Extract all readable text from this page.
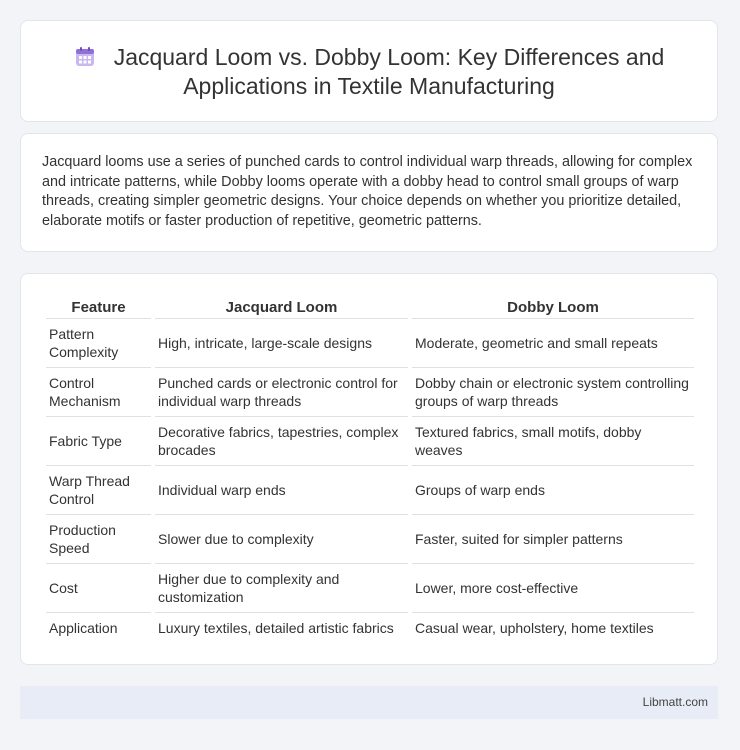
Jacquard Loom vs. Dobby Loom: Key Differences and Applications in Textile Manufacturing
Jacquard looms use a series of punched cards to control individual warp threads, allowing for complex and intricate patterns, while Dobby looms operate with a dobby head to control small groups of warp threads, creating simpler geometric designs. Your choice depends on whether you prioritize detailed, elaborate motifs or faster production of repetitive, geometric patterns.
Feature	Jacquard Loom	Dobby Loom
Pattern Complexity	High, intricate, large-scale designs	Moderate, geometric and small repeats
Control Mechanism	Punched cards or electronic control for individual warp threads	Dobby chain or electronic system controlling groups of warp threads
Fabric Type	Decorative fabrics, tapestries, complex brocades	Textured fabrics, small motifs, dobby weaves
Warp Thread Control	Individual warp ends	Groups of warp ends
Production Speed	Slower due to complexity	Faster, suited for simpler patterns
Cost	Higher due to complexity and customization	Lower, more cost-effective
Application	Luxury textiles, detailed artistic fabrics	Casual wear, upholstery, home textiles
Libmatt.com
